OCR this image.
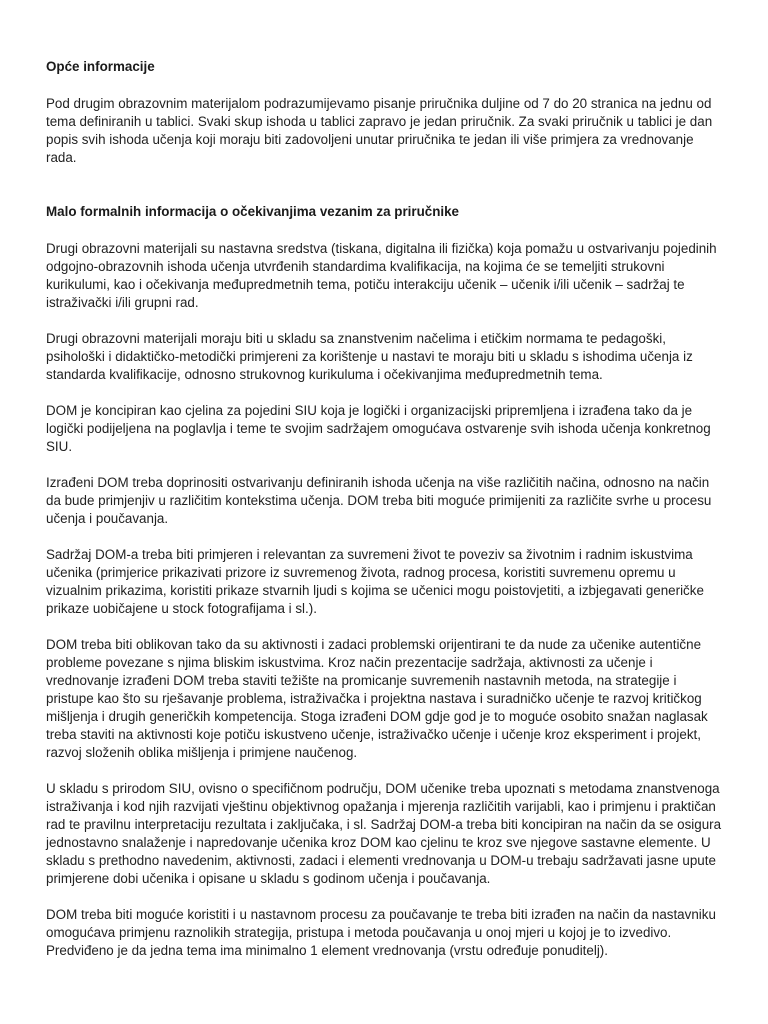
Opće informacije

Pod drugim obrazovnim materijalom podrazumijevamo pisanje priručnika duljine od 7 do 20 stranica na jednu od tema definiranih u tablici. Svaki skup ishoda u tablici zapravo je jedan priručnik. Za svaki priručnik u tablici je dan popis svih ishoda učenja koji moraju biti zadovoljeni unutar priručnika te jedan ili više primjera za vrednovanje rada.

Malo formalnih informacija o očekivanjima vezanim za priručnike

Drugi obrazovni materijali su nastavna sredstva (tiskana, digitalna ili fizička) koja pomažu u ostvarivanju pojedinih odgojno-obrazovnih ishoda učenja utvrđenih standardima kvalifikacija, na kojima će se temeljiti strukovni kurikulumi, kao i očekivanja međupredmetnih tema, potiču interakciju učenik – učenik i/ili učenik – sadržaj te istraživački i/ili grupni rad.

Drugi obrazovni materijali moraju biti u skladu sa znanstvenim načelima i etičkim normama te pedagoški, psihološki i didaktičko-metodički primjereni za korištenje u nastavi te moraju biti u skladu s ishodima učenja iz standarda kvalifikacije, odnosno strukovnog kurikuluma i očekivanjima međupredmetnih tema.

DOM je koncipiran kao cjelina za pojedini SIU koja je logički i organizacijski pripremljena i izrađena tako da je logički podijeljena na poglavlja i teme te svojim sadržajem omogućava ostvarenje svih ishoda učenja konkretnog SIU.

Izrađeni DOM treba doprinositi ostvarivanju definiranih ishoda učenja na više različitih načina, odnosno na način da bude primjenjiv u različitim kontekstima učenja. DOM treba biti moguće primijeniti za različite svrhe u procesu učenja i poučavanja.

Sadržaj DOM-a treba biti primjeren i relevantan za suvremeni život te poveziv sa životnim i radnim iskustvima učenika (primjerice prikazivati prizore iz suvremenog života, radnog procesa, koristiti suvremenu opremu u vizualnim prikazima, koristiti prikaze stvarnih ljudi s kojima se učenici mogu poistovjetiti, a izbjegavati generičke prikaze uobičajene u stock fotografijama i sl.).

DOM treba biti oblikovan tako da su aktivnosti i zadaci problemski orijentirani te da nude za učenike autentične probleme povezane s njima bliskim iskustvima. Kroz način prezentacije sadržaja, aktivnosti za učenje i vrednovanje izrađeni DOM treba staviti težište na promicanje suvremenih nastavnih metoda, na strategije i pristupe kao što su rješavanje problema, istraživačka i projektna nastava i suradničko učenje te razvoj kritičkog mišljenja i drugih generičkih kompetencija. Stoga izrađeni DOM gdje god je to moguće osobito snažan naglasak treba staviti na aktivnosti koje potiču iskustveno učenje, istraživačko učenje i učenje kroz eksperiment i projekt, razvoj složenih oblika mišljenja i primjene naučenog.

U skladu s prirodom SIU, ovisno o specifičnom području, DOM učenike treba upoznati s metodama znanstvenoga istraživanja i kod njih razvijati vještinu objektivnog opažanja i mjerenja različitih varijabli, kao i primjenu i praktičan rad te pravilnu interpretaciju rezultata i zaključaka, i sl. Sadržaj DOM-a treba biti koncipiran na način da se osigura jednostavno snalaženje i napredovanje učenika kroz DOM kao cjelinu te kroz sve njegove sastavne elemente. U skladu s prethodno navedenim, aktivnosti, zadaci i elementi vrednovanja u DOM-u trebaju sadržavati jasne upute primjerene dobi učenika i opisane u skladu s godinom učenja i poučavanja.

DOM treba biti moguće koristiti i u nastavnom procesu za poučavanje te treba biti izrađen na način da nastavniku omogućava primjenu raznolikih strategija, pristupa i metoda poučavanja u onoj mjeri u kojoj je to izvedivo. Predviđeno je da jedna tema ima minimalno 1 element vrednovanja (vrstu određuje ponuditelj).
